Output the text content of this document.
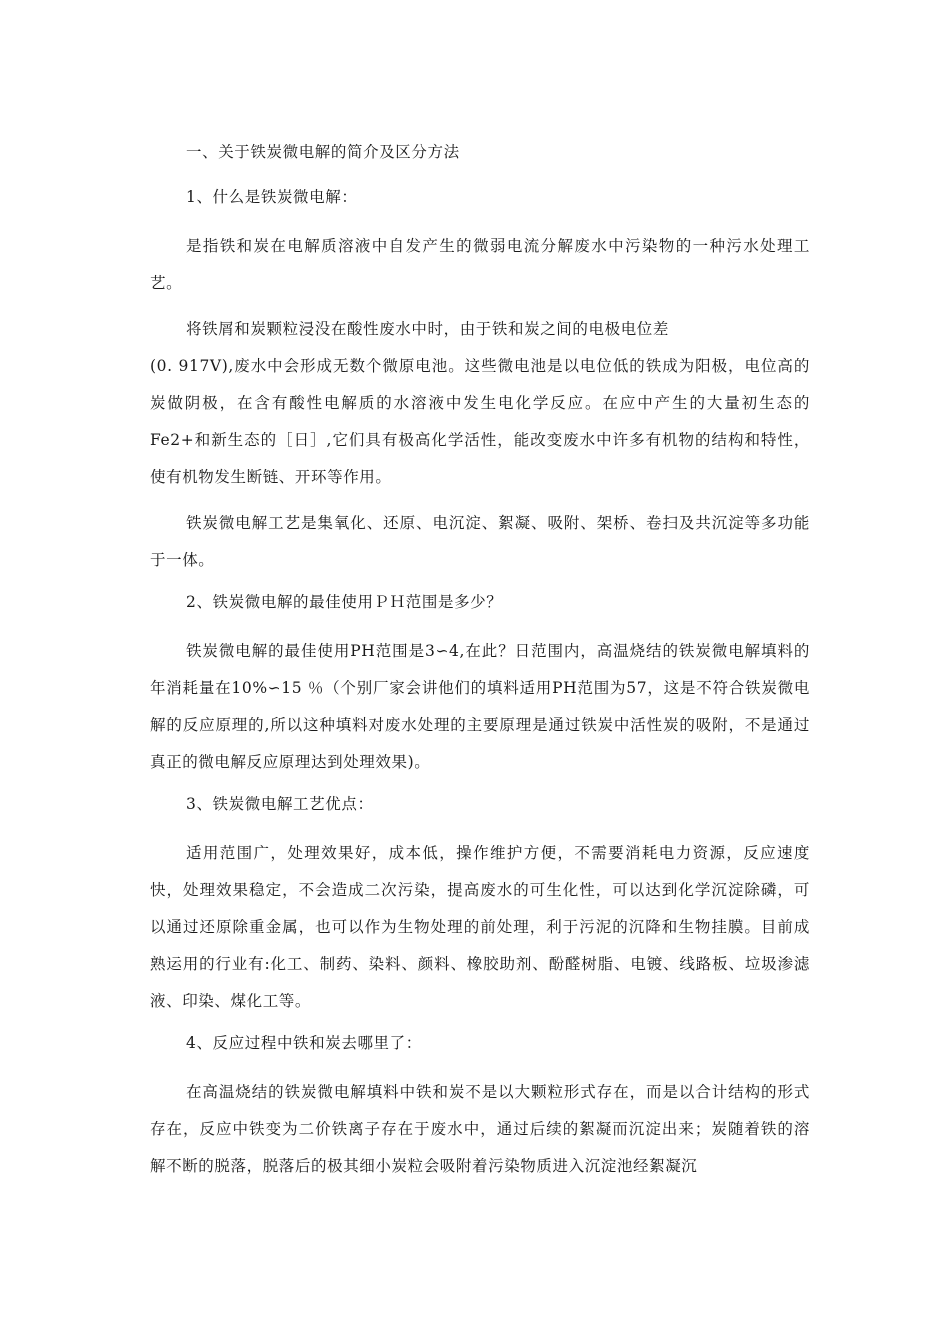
一、关于铁炭微电解的简介及区分方法
1、什么是铁炭微电解：
是指铁和炭在电解质溶液中自发产生的微弱电流分解废水中污染物的一种污水处理工艺。
将铁屑和炭颗粒浸没在酸性废水中时，由于铁和炭之间的电极电位差
(0. 917V),废水中会形成无数个微原电池。这些微电池是以电位低的铁成为阳极，电位高的炭做阴极，在含有酸性电解质的水溶液中发生电化学反应。在应中产生的大量初生态的Fe2+和新生态的［日］,它们具有极高化学活性，能改变废水中许多有机物的结构和特性，使有机物发生断链、开环等作用。
铁炭微电解工艺是集氧化、还原、电沉淀、絮凝、吸附、架桥、卷扫及共沉淀等多功能于一体。
2、铁炭微电解的最佳使用ＰＨ范围是多少？
铁炭微电解的最佳使用PH范围是3∽4,在此？日范围内，高温烧结的铁炭微电解填料的年消耗量在10%∽15 ％（个别厂家会讲他们的填料适用PH范围为57，这是不符合铁炭微电解的反应原理的,所以这种填料对废水处理的主要原理是通过铁炭中活性炭的吸附，不是通过真正的微电解反应原理达到处理效果)。
3、铁炭微电解工艺优点：
适用范围广，处理效果好，成本低，操作维护方便，不需要消耗电力资源，反应速度快，处理效果稳定，不会造成二次污染，提高废水的可生化性，可以达到化学沉淀除磷，可以通过还原除重金属，也可以作为生物处理的前处理，利于污泥的沉降和生物挂膜。目前成熟运用的行业有:化工、制药、染料、颜料、橡胶助剂、酚醛树脂、电镀、线路板、垃圾渗滤液、印染、煤化工等。
4、反应过程中铁和炭去哪里了：
在高温烧结的铁炭微电解填料中铁和炭不是以大颗粒形式存在，而是以合计结构的形式存在，反应中铁变为二价铁离子存在于废水中，通过后续的絮凝而沉淀出来；炭随着铁的溶解不断的脱落，脱落后的极其细小炭粒会吸附着污染物质进入沉淀池经絮凝沉
